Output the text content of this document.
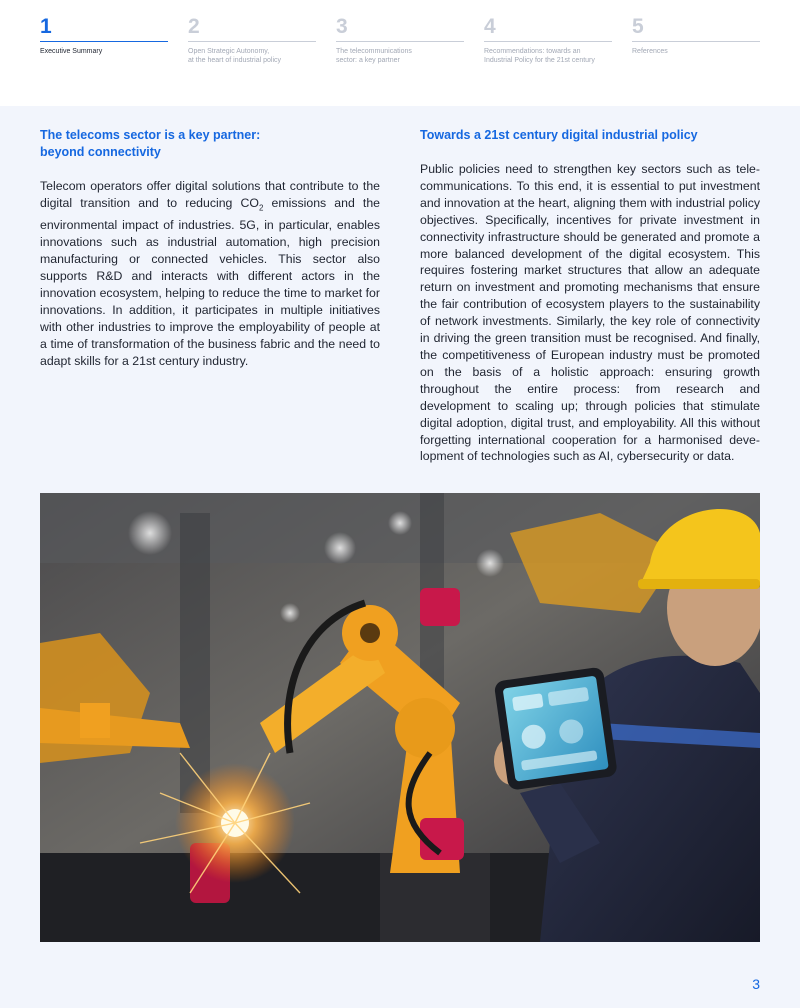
1
Executive Summary
2
Open Strategic Autonomy,
at the heart of industrial policy
3
The telecommunications
sector: a key partner
4
Recommendations: towards an
Industrial Policy for the 21st century
5
References
The telecoms sector is a key partner: beyond connectivity

Telecom operators offer digital solutions that contribute to the digital transition and to reducing $CO_2$ emissions and the environmental impact of industries. 5G, in particular, enables innovations such as industrial automation, high precision manufacturing or connected vehicles. This sector also supports R&D and interacts with different actors in the innovation ecosystem, helping to reduce the time to market for innovations. In addition, it participates in multiple initiatives with other industries to improve the employability of people at a time of transformation of the business fabric and the need to adapt skills for a 21st century industry.

Towards a 21st century digital industrial policy

Public policies need to strengthen key sectors such as telecommunications. To this end, it is essential to put investment and innovation at the heart, aligning them with industrial policy objectives. Specifically, incentives for private investment in connectivity infrastructure should be generated and promote a more balanced development of the digital ecosystem. This requires fostering market structures that allow an adequate return on investment and promoting mechanisms that ensure the fair contribution of ecosystem players to the sustainability of network investments. Similarly, the key role of connectivity in driving the green transition must be recognised. And finally, the competitiveness of European industry must be promoted on the basis of a holistic approach: ensuring growth throughout the entire process: from research and development to scaling up; through policies that stimulate digital adoption, digital trust, and employability. All this without forgetting international cooperation for a harmonised development of technologies such as AI, cybersecurity or data.

3
